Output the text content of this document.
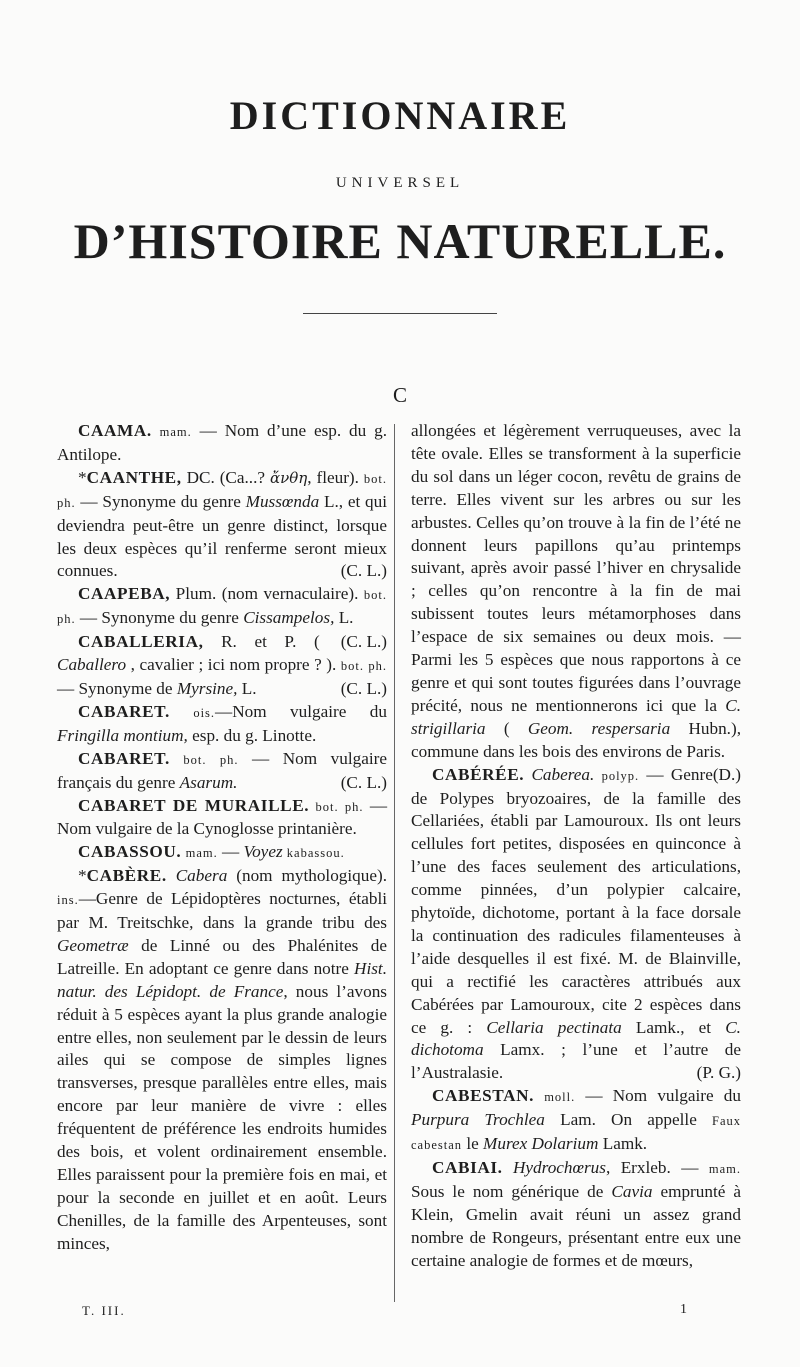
DICTIONNAIRE
UNIVERSEL
D’HISTOIRE NATURELLE.
C

CAAMA. mam. — Nom d’une esp. du g. Antilope.

*CAANTHE, DC. (Ca...? ἄνθη, fleur). bot. ph. — Synonyme du genre Mussœnda L., et qui deviendra peut-être un genre distinct, lorsque les deux espèces qu’il renferme seront mieux connues.	(C. L.)

CAAPEBA, Plum. (nom vernaculaire). bot. ph. — Synonyme du genre Cissampelos, L.
(C. L.)

CABALLERIA, R. et P. ( Caballero , cavalier ; ici nom propre ? ). bot. ph. — Synonyme de Myrsine, L.	(C. L.)

CABARET. ois.—Nom vulgaire du Fringilla montium, esp. du g. Linotte.

CABARET. bot. ph. — Nom vulgaire français du genre Asarum.	(C. L.)

CABARET DE MURAILLE. bot. ph. — Nom vulgaire de la Cynoglosse printanière.

CABASSOU. mam. — Voyez kabassou.

*CABÈRE. Cabera (nom mythologique). ins.—Genre de Lépidoptères nocturnes, établi par M. Treitschke, dans la grande tribu des Geometræ de Linné ou des Phalénites de Latreille. En adoptant ce genre dans notre Hist. natur. des Lépidopt. de France, nous l’avons réduit à 5 espèces ayant la plus grande analogie entre elles, non seulement par le dessin de leurs ailes qui se compose de simples lignes transverses, presque parallèles entre elles, mais encore par leur manière de vivre : elles fréquentent de préférence les endroits humides des bois, et volent ordinairement ensemble. Elles paraissent pour la première fois en mai, et pour la seconde en juillet et en août. Leurs Chenilles, de la famille des Arpenteuses, sont minces,

allongées et légèrement verruqueuses, avec la tête ovale. Elles se transforment à la superficie du sol dans un léger cocon, revêtu de grains de terre. Elles vivent sur les arbres ou sur les arbustes. Celles qu’on trouve à la fin de l’été ne donnent leurs papillons qu’au printemps suivant, après avoir passé l’hiver en chrysalide ; celles qu’on rencontre à la fin de mai subissent toutes leurs métamorphoses dans l’espace de six semaines ou deux mois. — Parmi les 5 espèces que nous rapportons à ce genre et qui sont toutes figurées dans l’ouvrage précité, nous ne mentionnerons ici que la C. strigillaria ( Geom. respersaria Hubn.), commune dans les bois des environs de Paris.
(D.)

CABÉRÉE. Caberea. polyp. — Genre de Polypes bryozoaires, de la famille des Cellariées, établi par Lamouroux. Ils ont leurs cellules fort petites, disposées en quinconce à l’une des faces seulement des articulations, comme pinnées, d’un polypier calcaire, phytoïde, dichotome, portant à la face dorsale la continuation des radicules filamenteuses à l’aide desquelles il est fixé. M. de Blainville, qui a rectifié les caractères attribués aux Cabérées par Lamouroux, cite 2 espèces dans ce g. : Cellaria pectinata Lamk., et C. dichotoma Lamx. ; l’une et l’autre de l’Australasie.	(P. G.)

CABESTAN. moll. — Nom vulgaire du Purpura Trochlea Lam. On appelle Faux cabestan le Murex Dolarium Lamk.

CABIAI. Hydrochœrus, Erxleb. — mam. Sous le nom générique de Cavia emprunté à Klein, Gmelin avait réuni un assez grand nombre de Rongeurs, présentant entre eux une certaine analogie de formes et de mœurs,

T. III.	1
